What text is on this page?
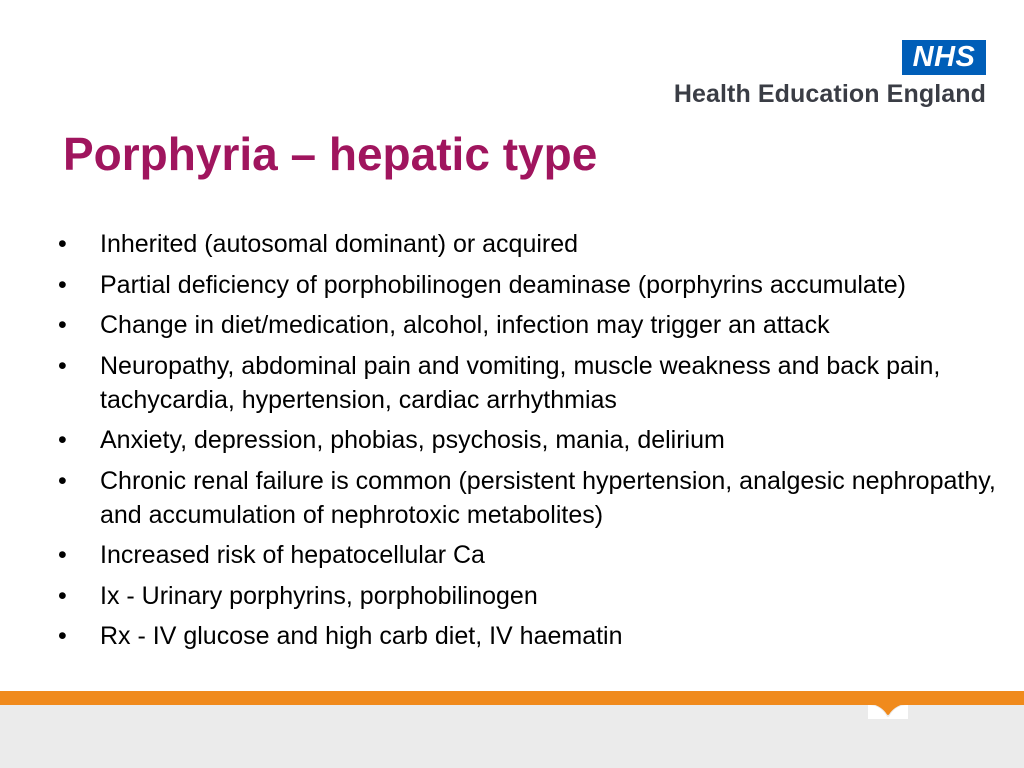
NHS
Health Education England
Porphyria – hepatic type
• Inherited (autosomal dominant) or acquired
• Partial deficiency of porphobilinogen deaminase (porphyrins accumulate)
• Change in diet/medication, alcohol, infection may trigger an attack
• Neuropathy, abdominal pain and vomiting, muscle weakness and back pain, tachycardia, hypertension, cardiac arrhythmias
• Anxiety, depression, phobias, psychosis, mania, delirium
• Chronic renal failure is common (persistent hypertension, analgesic nephropathy, and accumulation of nephrotoxic metabolites)
• Increased risk of hepatocellular Ca
• Ix - Urinary porphyrins, porphobilinogen
• Rx - IV glucose and high carb diet, IV haematin
